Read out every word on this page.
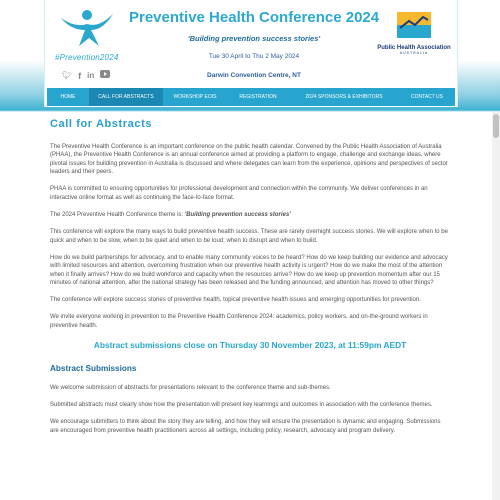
#Prevention2024
🐦︎ f in
Preventive Health Conference 2024
'Building prevention success stories'
Tue 30 April to Thu 2 May 2024
Darwin Convention Centre, NT
Public Health Association
AUSTRALIA
HOME	CALL FOR ABSTRACTS	WORKSHOP EOIS	REGISTRATION	2024 SPONSORS & EXHIBITORS	CONTACT US
Call for Abstracts

The Preventive Health Conference is an important conference on the public health calendar. Convened by the Public Health Association of Australia (PHAA), the Preventive Health Conference is an annual conference aimed at providing a platform to engage, challenge and exchange ideas, where pivotal issues for building prevention in Australia is discussed and where delegates can learn from the experience, opinions and perspectives of sector leaders and their peers.

PHAA is committed to ensuring opportunities for professional development and connection within the community. We deliver conferences in an interactive online format as well as continuing the face-to-face format.

The 2024 Preventive Health Conference theme is: 'Building prevention success stories'

This conference will explore the many ways to build preventive health success. These are rarely overnight success stories. We will explore when to be quick and when to be slow, when to be quiet and when to be loud; when to disrupt and when to build.

How do we build partnerships for advocacy, and to enable many community voices to be heard? How do we keep building our evidence and advocacy with limited resources and attention, overcoming frustration when our preventive health activity is urgent? How do we make the most of the attention when it finally arrives? How do we build workforce and capacity when the resources arrive? How do we keep up prevention momentum after our 15 minutes of national attention, after the national strategy has been released and the funding announced, and attention has moved to other things?

The conference will explore success stories of preventive health, topical preventive health issues and emerging opportunities for prevention.

We invite everyone working in prevention to the Preventive Health Conference 2024: academics, policy workers, and on-the-ground workers in preventive health.

Abstract submissions close on Thursday 30 November 2023, at 11:59pm AEDT
Abstract Submissions

We welcome submission of abstracts for presentations relevant to the conference theme and sub-themes.

Submitted abstracts must clearly show how the presentation will present key learnings and outcomes in association with the conference themes.

We encourage submitters to think about the story they are telling, and how they will ensure the presentation is dynamic and engaging. Submissions are encouraged from preventive health practitioners across all settings, including policy, research, advocacy and program delivery.
